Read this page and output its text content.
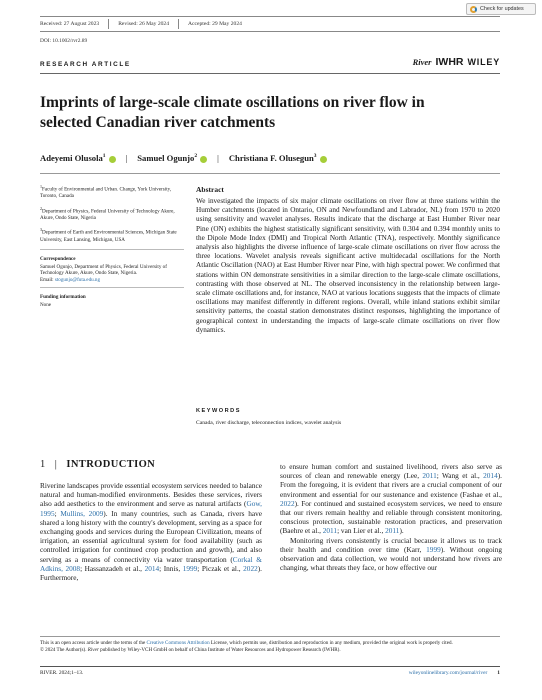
Received: 27 August 2023	Revised: 26 May 2024	Accepted: 29 May 2024
Check for updates
DOI: 10.1002/rvr2.89
RESEARCH ARTICLE	River IWHR WILEY
Imprints of large-scale climate oscillations on river flow in selected Canadian river catchments
Adeyemi Olusola$^1$	|	Samuel Ogunjo$^2$	|	Christiana F. Olusegun$^3$
$^1$Faculty of Environmental and Urban. Change, York University, Toronto, Canada
$^2$Department of Physics, Federal University of Technology Akure, Akure, Ondo State, Nigeria
$^3$Department of Earth and Environmental Sciences, Michigan State University, East Lansing, Michigan, USA
Correspondence
Samuel Ogunjo, Department of Physics, Federal University of Technology Akure, Akure, Ondo State, Nigeria.
Email: stogunjo@futa.edu.ng
Funding information
None
Abstract
We investigated the impacts of six major climate oscillations on river flow at three stations within the Humber catchments (located in Ontario, ON and Newfoundland and Labrador, NL) from 1970 to 2020 using sensitivity and wavelet analyses. Results indicate that the discharge at East Humber River near Pine (ON) exhibits the highest statistically significant sensitivity, with 0.304 and 0.394 monthly units to the Dipole Mode Index (DMI) and Tropical North Atlantic (TNA), respectively. Monthly significance analysis also highlights the diverse influence of large-scale climate oscillations on river flow across the three locations. Wavelet analysis reveals significant active multidecadal oscillations for the North Atlantic Oscillation (NAO) at East Humber River near Pine, with high spectral power. We confirmed that stations within ON demonstrate sensitivities in a similar direction to the large-scale climate oscillations, contrasting with those observed at NL. The observed inconsistency in the relationship between large-scale climate oscillations and, for instance, NAO at various locations suggests that the impacts of climate oscillations may manifest differently in different regions. Overall, while inland stations exhibit similar sensitivity patterns, the coastal station demonstrates distinct responses, highlighting the importance of geographical context in understanding the impacts of large-scale climate oscillations on river flow dynamics.
KEYWORDS
Canada, river discharge, teleconnection indices, wavelet analysis
1 | INTRODUCTION

Riverine landscapes provide essential ecosystem services needed to balance natural and human-modified environments. Besides these services, rivers also add aesthetics to the environment and serve as natural artifacts (Gow, 1995; Mullins, 2009). In many countries, such as Canada, rivers have shared a long history with the country's development, serving as a space for exchanging goods and services during the European Civilization, means of irrigation, an essential agricultural system for food availability (such as controlled irrigation for continued crop production and growth), and also serving as a means of connectivity via water transportation (Corkal & Adkins, 2008; Hassanzadeh et al., 2014; Innis, 1999; Piczak et al., 2022). Furthermore,

to ensure human comfort and sustained livelihood, rivers also serve as sources of clean and renewable energy (Lee, 2011; Wang et al., 2014). From the foregoing, it is evident that rivers are a crucial component of our environment and essential for our sustenance and existence (Fashae et al., 2022). For continued and sustained ecosystem services, we need to ensure that our rivers remain healthy and reliable through consistent monitoring, conscious protection, sustainable restoration practices, and preservation (Baehre et al., 2011; van Lier et al., 2011).

Monitoring rivers consistently is crucial because it allows us to track their health and condition over time (Karr, 1999). Without ongoing observation and data collection, we would not understand how rivers are changing, what threats they face, or how effective our

This is an open access article under the terms of the Creative Commons Attribution License, which permits use, distribution and reproduction in any medium, provided the original work is properly cited.
© 2024 The Author(s). River published by Wiley-VCH GmbH on behalf of China Institute of Water Resources and Hydropower Research (IWHR).
RIVER. 2024;1–13.	wileyonlinelibrary.com/journal/river 1
